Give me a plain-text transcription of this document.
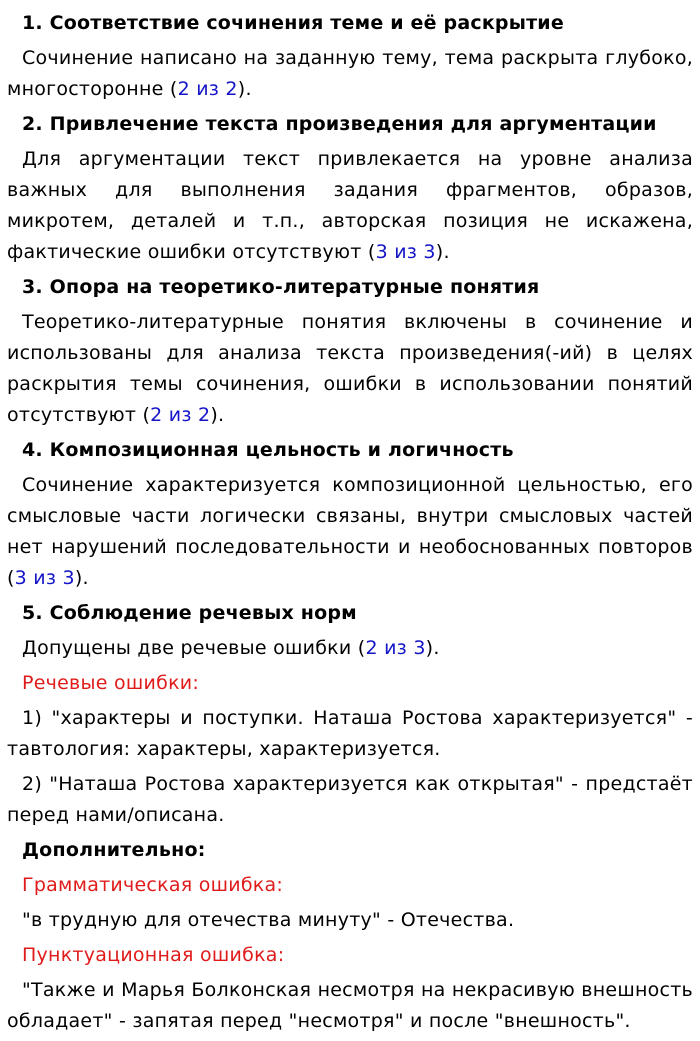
1. Соответствие сочинения теме и её раскрытие
Сочинение написано на заданную тему, тема раскрыта глубоко, многосторонне (2 из 2).
2. Привлечение текста произведения для аргументации
Для аргументации текст привлекается на уровне анализа важных для выполнения задания фрагментов, образов, микротем, деталей и т.п., авторская позиция не искажена, фактические ошибки отсутствуют (3 из 3).
3. Опора на теоретико-литературные понятия
Теоретико-литературные понятия включены в сочинение и использованы для анализа текста произведения(-ий) в целях раскрытия темы сочинения, ошибки в использовании понятий отсутствуют (2 из 2).
4. Композиционная цельность и логичность
Сочинение характеризуется композиционной цельностью, его смысловые части логически связаны, внутри смысловых частей нет нарушений последовательности и необоснованных повторов (3 из 3).
5. Соблюдение речевых норм
Допущены две речевые ошибки (2 из 3).
Речевые ошибки:
1) "характеры и поступки. Наташа Ростова характеризуется" - тавтология: характеры, характеризуется.
2) "Наташа Ростова характеризуется как открытая" - предстаёт перед нами/описана.
Дополнительно:
Грамматическая ошибка:
"в трудную для отечества минуту" - Отечества.
Пунктуационная ошибка:
"Также и Марья Болконская несмотря на некрасивую внешность обладает" - запятая перед "несмотря" и после "внешность".
